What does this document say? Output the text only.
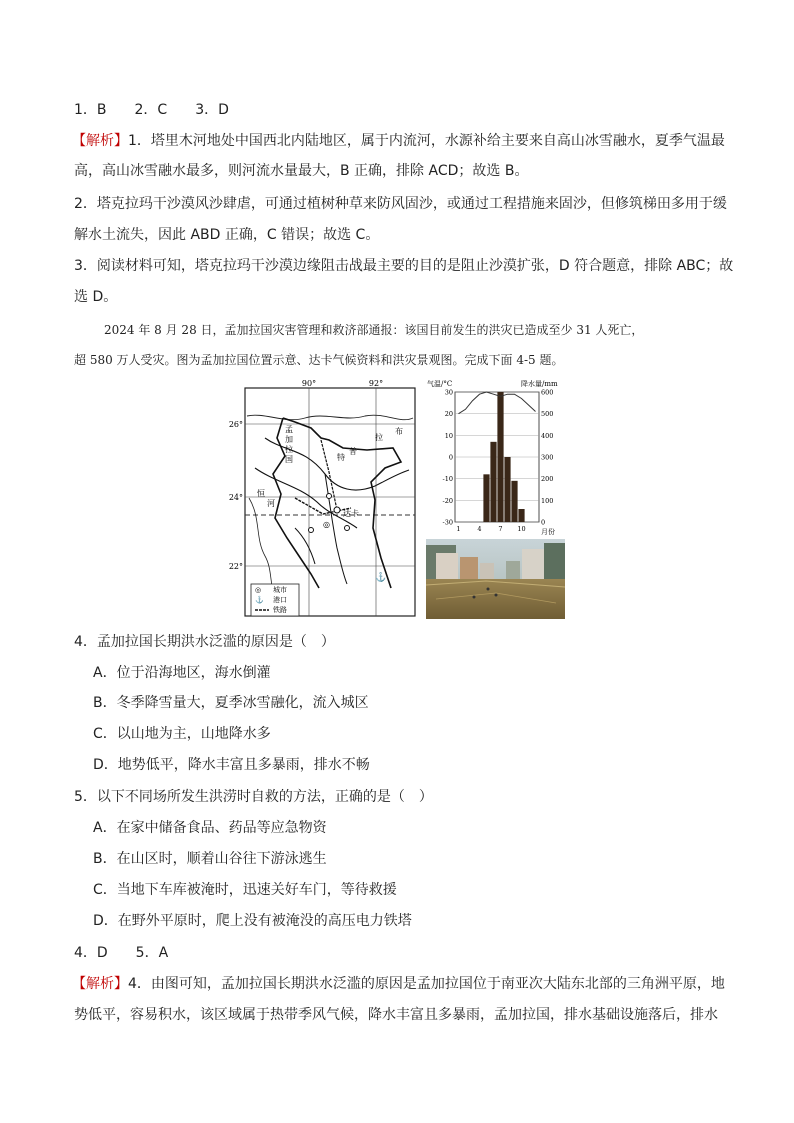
1．B　　2．C　　3．D
【解析】1．塔里木河地处中国西北内陆地区，属于内流河，水源补给主要来自高山冰雪融水，夏季气温最
高，高山冰雪融水最多，则河流水量最大，B 正确，排除 ACD；故选 B。
2．塔克拉玛干沙漠风沙肆虐，可通过植树种草来防风固沙，或通过工程措施来固沙，但修筑梯田多用于缓
解水土流失，因此 ABD 正确，C 错误；故选 C。
3．阅读材料可知，塔克拉玛干沙漠边缘阻击战最主要的目的是阻止沙漠扩张，D 符合题意，排除 ABC；故
选 D。
2024 年 8 月 28 日，孟加拉国灾害管理和救济部通报：该国目前发生的洪灾已造成至少 31 人死亡，
超 580 万人受灾。图为孟加拉国位置示意、达卡气候资料和洪灾景观图。完成下面 4-5 题。
90°	92°
26°
24°
22°
◎
达卡
⚓
孟
加
拉
国
恒
河
特
普
拉
布
◎
⚓
城市
港口
铁路
30
20
10
0
-10
-20
-30
600
500
400
300
200
100
0
1	4	7 10
气温/°C	降水量/mm
月份
4．孟加拉国长期洪水泛滥的原因是（　）
A．位于沿海地区，海水倒灌
B．冬季降雪量大，夏季冰雪融化，流入城区
C．以山地为主，山地降水多
D．地势低平，降水丰富且多暴雨，排水不畅
5．以下不同场所发生洪涝时自救的方法，正确的是（　）
A．在家中储备食品、药品等应急物资
B．在山区时，顺着山谷往下游泳逃生
C．当地下车库被淹时，迅速关好车门，等待救援
D．在野外平原时，爬上没有被淹没的高压电力铁塔
4．D　　5．A
【解析】4．由图可知，孟加拉国长期洪水泛滥的原因是孟加拉国位于南亚次大陆东北部的三角洲平原，地
势低平，容易积水，该区域属于热带季风气候，降水丰富且多暴雨，孟加拉国，排水基础设施落后，排水
